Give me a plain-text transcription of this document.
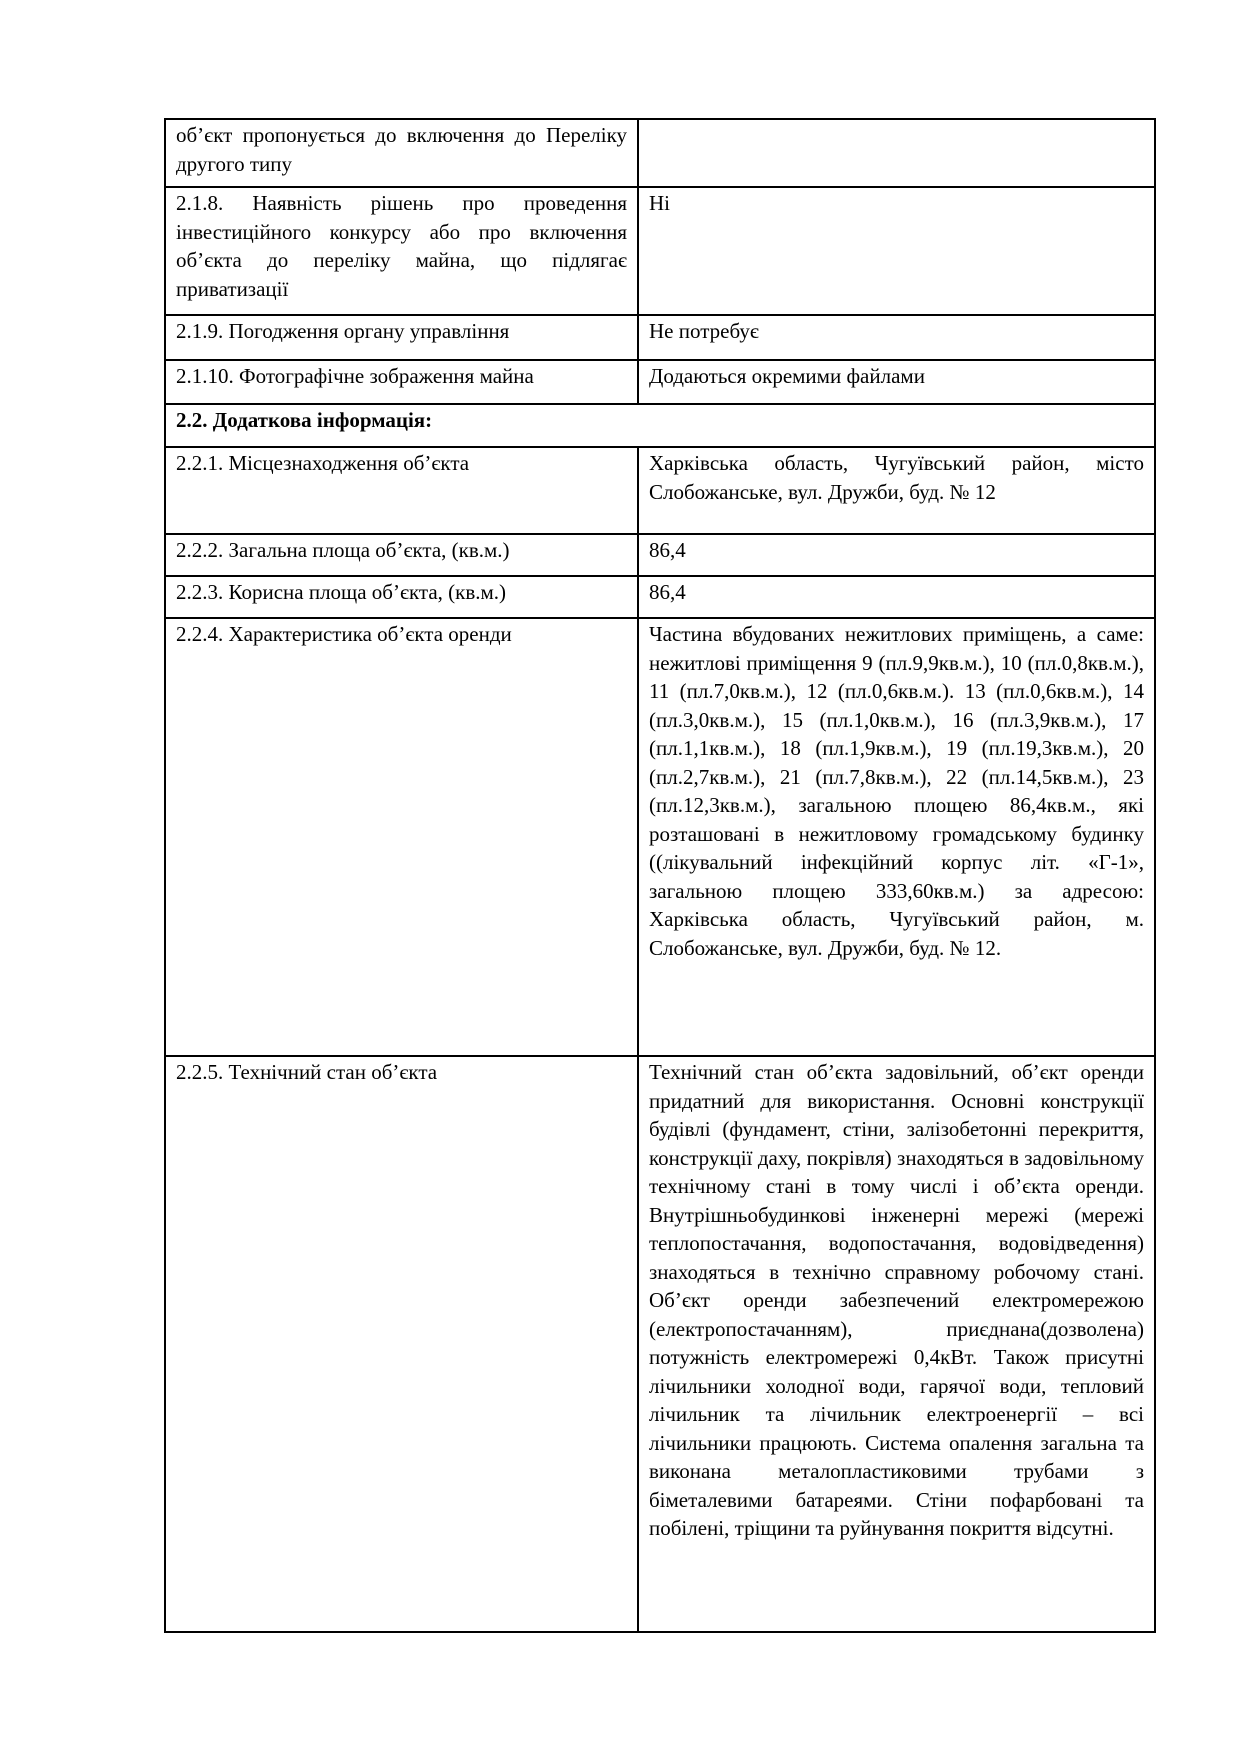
об’єкт пропонується до включення до Переліку другого типу	
2.1.8. Наявність рішень про проведення інвестиційного конкурсу або про включення об’єкта до переліку майна, що підлягає приватизації	Ні
2.1.9. Погодження органу управління	Не потребує
2.1.10. Фотографічне зображення майна	Додаються окремими файлами
2.2. Додаткова інформація:	
2.2.1. Місцезнаходження об’єкта	Харківська область, Чугуївський район, місто Слобожанське, вул. Дружби, буд. № 12
2.2.2. Загальна площа об’єкта, (кв.м.)	86,4
2.2.3. Корисна площа об’єкта, (кв.м.)	86,4
2.2.4. Характеристика об’єкта оренди	Частина вбудованих нежитлових приміщень, а саме: нежитлові приміщення 9 (пл.9,9кв.м.), 10 (пл.0,8кв.м.), 11 (пл.7,0кв.м.), 12 (пл.0,6кв.м.). 13 (пл.0,6кв.м.), 14 (пл.3,0кв.м.), 15 (пл.1,0кв.м.), 16 (пл.3,9кв.м.), 17 (пл.1,1кв.м.), 18 (пл.1,9кв.м.), 19 (пл.19,3кв.м.), 20 (пл.2,7кв.м.), 21 (пл.7,8кв.м.), 22 (пл.14,5кв.м.), 23 (пл.12,3кв.м.), загальною площею 86,4кв.м., які розташовані в нежитловому громадському будинку ((лікувальний інфекційний корпус літ. «Г-1», загальною площею 333,60кв.м.) за адресою: Харківська область, Чугуївський район, м. Слобожанське, вул. Дружби, буд. № 12.
2.2.5. Технічний стан об’єкта	Технічний стан об’єкта задовільний, об’єкт оренди придатний для використання. Основні конструкції будівлі (фундамент, стіни, залізобетонні перекриття, конструкції даху, покрівля) знаходяться в задовільному технічному стані в тому числі і об’єкта оренди. Внутрішньобудинкові інженерні мережі (мережі теплопостачання, водопостачання, водовідведення) знаходяться в технічно справному робочому стані. Об’єкт оренди забезпечений електромережою (електропостачанням), приєднана(дозволена) потужність електромережі 0,4кВт. Також присутні лічильники холодної води, гарячої води, тепловий лічильник та лічильник електроенергії – всі лічильники працюють. Система опалення загальна та виконана металопластиковими трубами з біметалевими батареями. Стіни пофарбовані та побілені, тріщини та руйнування покриття відсутні.
